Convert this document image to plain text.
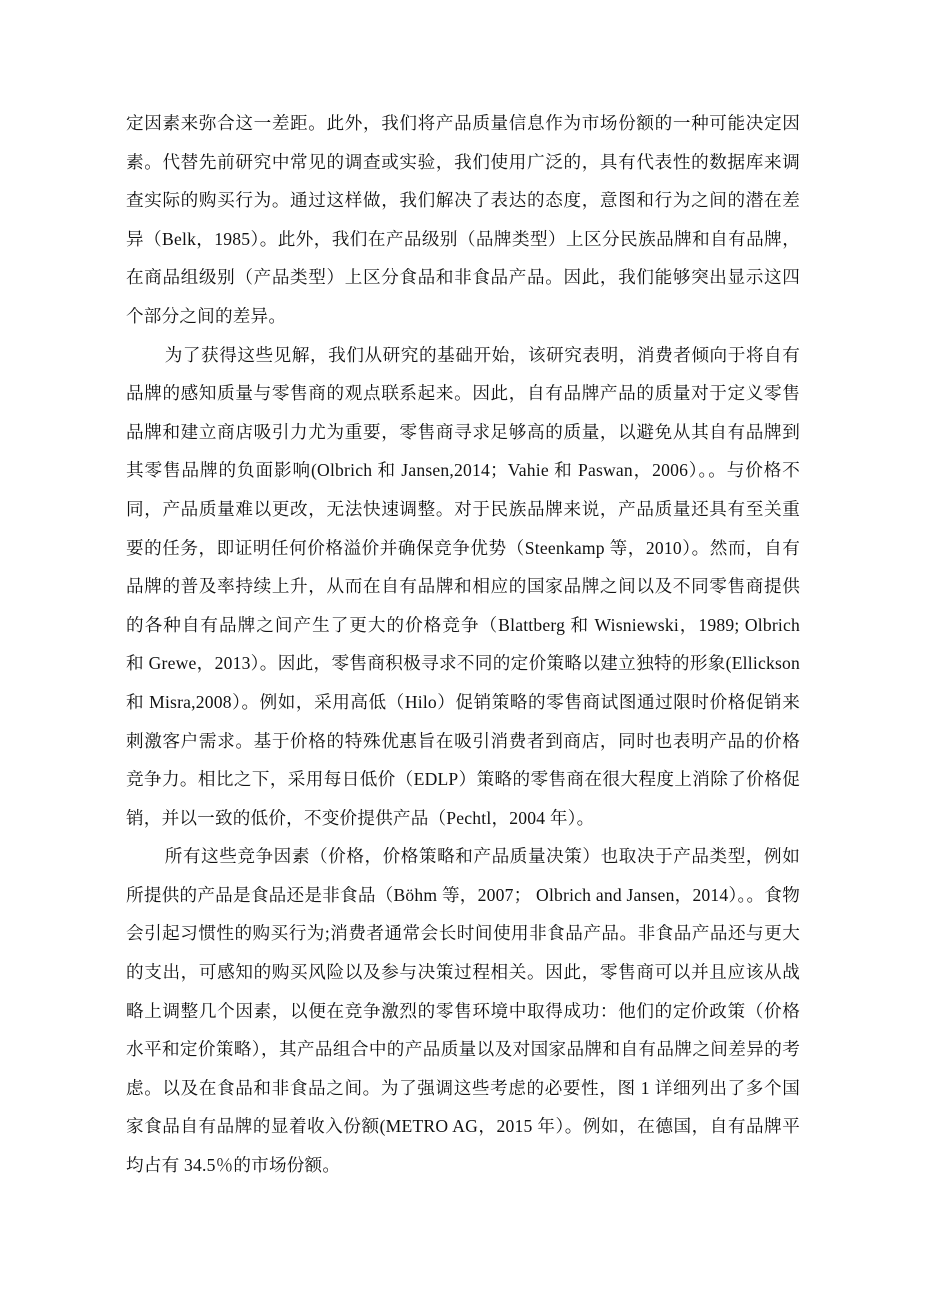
定因素来弥合这一差距。此外，我们将产品质量信息作为市场份额的一种可能决定因素。代替先前研究中常见的调查或实验，我们使用广泛的，具有代表性的数据库来调查实际的购买行为。通过这样做，我们解决了表达的态度，意图和行为之间的潜在差异（Belk，1985）。此外，我们在产品级别（品牌类型）上区分民族品牌和自有品牌，在商品组级别（产品类型）上区分食品和非食品产品。因此，我们能够突出显示这四个部分之间的差异。

为了获得这些见解，我们从研究的基础开始，该研究表明，消费者倾向于将自有品牌的感知质量与零售商的观点联系起来。因此，自有品牌产品的质量对于定义零售品牌和建立商店吸引力尤为重要，零售商寻求足够高的质量，以避免从其自有品牌到其零售品牌的负面影响(Olbrich 和 Jansen,2014；Vahie 和 Paswan，2006）。。与价格不同，产品质量难以更改，无法快速调整。对于民族品牌来说，产品质量还具有至关重要的任务，即证明任何价格溢价并确保竞争优势（Steenkamp 等，2010）。然而，自有品牌的普及率持续上升，从而在自有品牌和相应的国家品牌之间以及不同零售商提供的各种自有品牌之间产生了更大的价格竞争（Blattberg 和 Wisniewski，1989; Olbrich 和 Grewe，2013）。因此，零售商积极寻求不同的定价策略以建立独特的形象(Ellickson 和 Misra,2008）。例如，采用高低（Hilo）促销策略的零售商试图通过限时价格促销来刺激客户需求。基于价格的特殊优惠旨在吸引消费者到商店，同时也表明产品的价格竞争力。相比之下，采用每日低价（EDLP）策略的零售商在很大程度上消除了价格促销，并以一致的低价，不变价提供产品（Pechtl，2004 年）。

所有这些竞争因素（价格，价格策略和产品质量决策）也取决于产品类型，例如所提供的产品是食品还是非食品（Böhm 等，2007； Olbrich and Jansen，2014）。。食物会引起习惯性的购买行为;消费者通常会长时间使用非食品产品。非食品产品还与更大的支出，可感知的购买风险以及参与决策过程相关。因此，零售商可以并且应该从战略上调整几个因素，以便在竞争激烈的零售环境中取得成功：他们的定价政策（价格水平和定价策略），其产品组合中的产品质量以及对国家品牌和自有品牌之间差异的考虑。以及在食品和非食品之间。为了强调这些考虑的必要性，图 1 详细列出了多个国家食品自有品牌的显着收入份额(METRO AG，2015 年）。例如，在德国，自有品牌平均占有 34.5％的市场份额。
